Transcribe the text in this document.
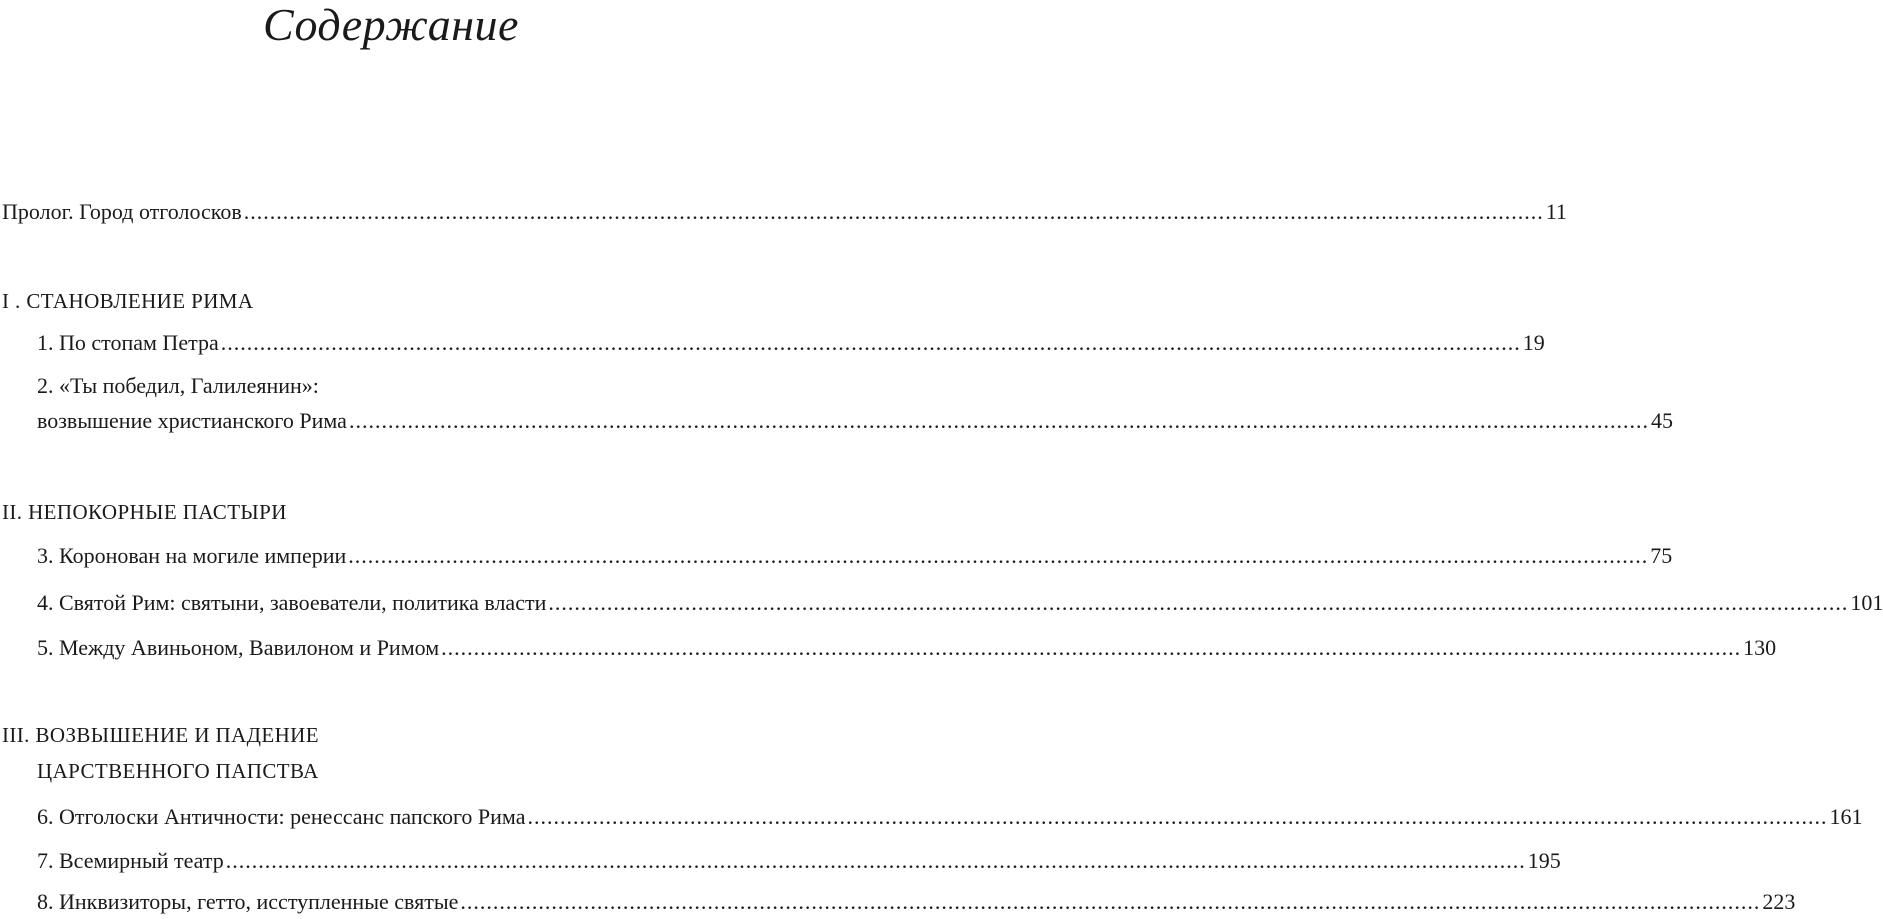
Содержание
Пролог. Город отголосков ........................................................................................................................................................................................................ 11
I . СТАНОВЛЕНИЕ РИМА
1. По стопам Петра ........................................................................................................................................................................................................ 19
2. «Ты победил, Галилеянин»:
возвышение христианского Рима ........................................................................................................................................................................................................ 45
II. НЕПОКОРНЫЕ ПАСТЫРИ
3. Коронован на могиле империи ........................................................................................................................................................................................................ 75
4. Святой Рим: святыни, завоеватели, политика власти ........................................................................................................................................................................................................ 101
5. Между Авиньоном, Вавилоном и Римом ........................................................................................................................................................................................................ 130
III. ВОЗВЫШЕНИЕ И ПАДЕНИЕ
ЦАРСТВЕННОГО ПАПСТВА
6. Отголоски Античности: ренессанс папского Рима ........................................................................................................................................................................................................ 161
7. Всемирный театр ........................................................................................................................................................................................................ 195
8. Инквизиторы, гетто, исступленные святые ........................................................................................................................................................................................................ 223
